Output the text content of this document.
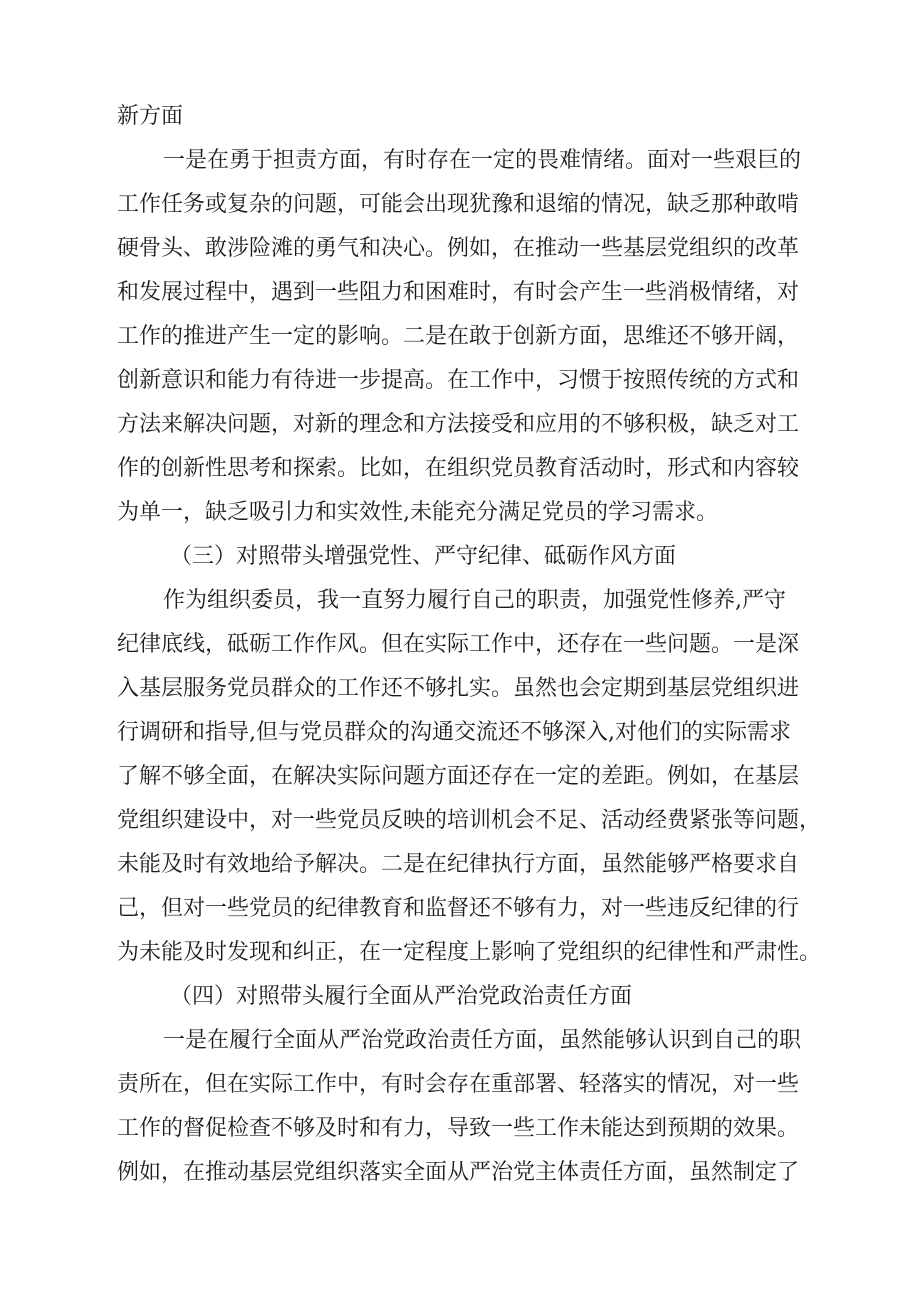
新方面
一是在勇于担责方面，有时存在一定的畏难情绪。面对一些艰巨的
工作任务或复杂的问题，可能会出现犹豫和退缩的情况，缺乏那种敢啃
硬骨头、敢涉险滩的勇气和决心。例如，在推动一些基层党组织的改革
和发展过程中，遇到一些阻力和困难时，有时会产生一些消极情绪，对
工作的推进产生一定的影响。二是在敢于创新方面，思维还不够开阔，
创新意识和能力有待进一步提高。在工作中，习惯于按照传统的方式和
方法来解决问题，对新的理念和方法接受和应用的不够积极，缺乏对工
作的创新性思考和探索。比如，在组织党员教育活动时，形式和内容较
为单一，缺乏吸引力和实效性,未能充分满足党员的学习需求。
（三）对照带头增强党性、严守纪律、砥砺作风方面
作为组织委员，我一直努力履行自己的职责，加强党性修养,严守
纪律底线，砥砺工作作风。但在实际工作中，还存在一些问题。一是深
入基层服务党员群众的工作还不够扎实。虽然也会定期到基层党组织进
行调研和指导,但与党员群众的沟通交流还不够深入,对他们的实际需求
了解不够全面，在解决实际问题方面还存在一定的差距。例如，在基层
党组织建设中，对一些党员反映的培训机会不足、活动经费紧张等问题，
未能及时有效地给予解决。二是在纪律执行方面，虽然能够严格要求自
己，但对一些党员的纪律教育和监督还不够有力，对一些违反纪律的行
为未能及时发现和纠正，在一定程度上影响了党组织的纪律性和严肃性。
（四）对照带头履行全面从严治党政治责任方面
一是在履行全面从严治党政治责任方面，虽然能够认识到自己的职
责所在，但在实际工作中，有时会存在重部署、轻落实的情况，对一些
工作的督促检查不够及时和有力，导致一些工作未能达到预期的效果。
例如，在推动基层党组织落实全面从严治党主体责任方面，虽然制定了
